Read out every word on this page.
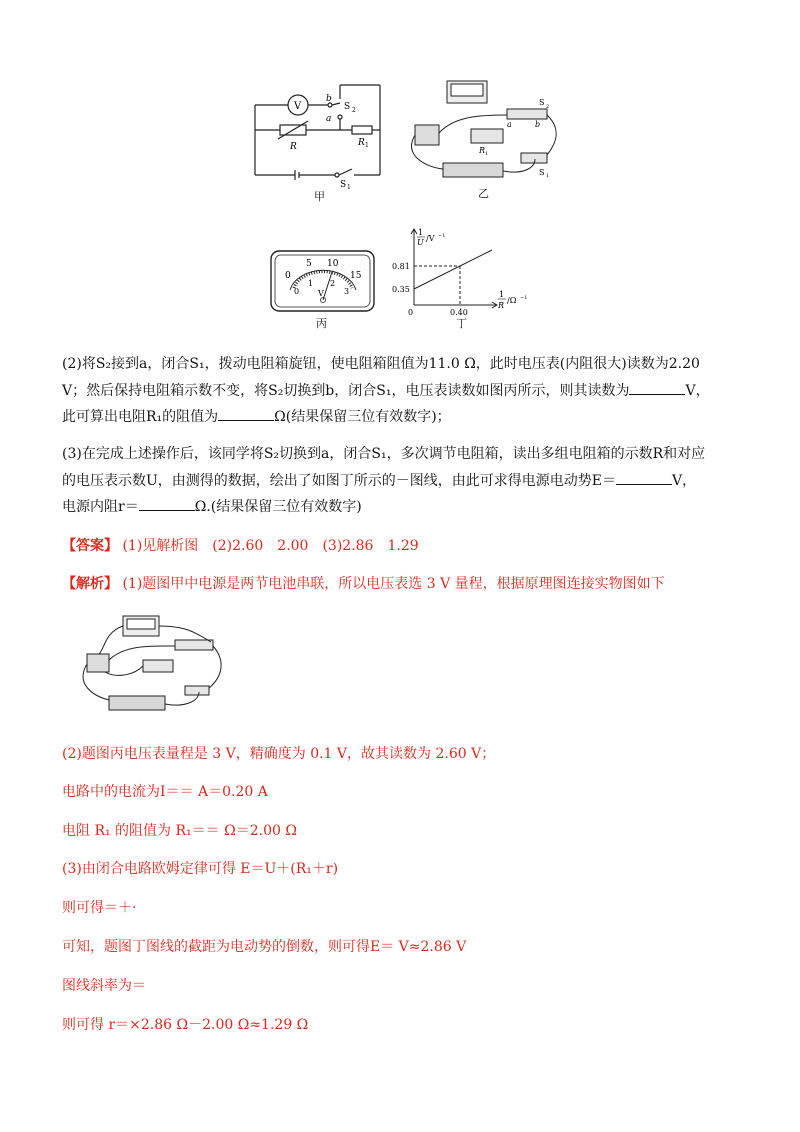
V
b
a
S 2
R	R 1
S 1
甲
a	b
S 2
R 1
S 1
乙
0
5 10
15
0
1 2
3
V
丙
1
U /V −1
1
R
/Ω −1
0.81
0.35
0.40
0
丁
(2)将S₂接到a，闭合S₁，拨动电阻箱旋钮，使电阻箱阻值为11.0 Ω，此时电压表(内阻很大)读数为2.20
V；然后保持电阻箱示数不变，将S₂切换到b，闭合S₁，电压表读数如图丙所示，则其读数为	V，
此可算出电阻R₁的阻值为	Ω(结果保留三位有效数字)；
(3)在完成上述操作后，该同学将S₂切换到a，闭合S₁，多次调节电阻箱，读出多组电阻箱的示数R和对应
的电压表示数U，由测得的数据，绘出了如图丁所示的－图线，由此可求得电源电动势E＝	V，
电源内阻r＝	Ω.(结果保留三位有效数字)
【答案】 (1)见解析图　(2)2.60　2.00　(3)2.86　1.29
【解析】 (1)题图甲中电源是两节电池串联，所以电压表选 3 V 量程，根据原理图连接实物图如下
(2)题图丙电压表量程是 3 V，精确度为 0.1 V，故其读数为 2.60 V；
电路中的电流为I＝＝ A＝0.20 A
电阻 R₁ 的阻值为 R₁＝＝ Ω＝2.00 Ω
(3)由闭合电路欧姆定律可得 E＝U＋(R₁＋r)
则可得＝＋·
可知，题图丁图线的截距为电动势的倒数，则可得E＝ V≈2.86 V
图线斜率为＝
则可得 r＝×2.86 Ω－2.00 Ω≈1.29 Ω
